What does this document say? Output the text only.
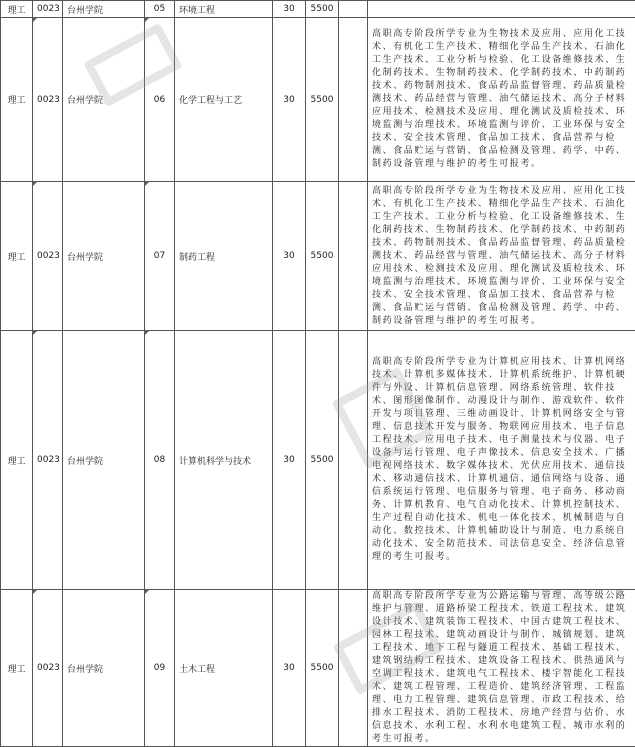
理工	0023	台州学院	05	环境工程	30	5500		
理工	0023	台州学院	06	化学工程与工艺	30	5500		高职高专阶段所学专业为生物技术及应用、应用化工技术、有机化工生产技术、精细化学品生产技术、石油化工生产技术、工业分析与检验、化工设备维修技术、生化制药技术、生物制药技术、化学制药技术、中药制药技术、药物制剂技术、食品药品监督管理、药品质量检测技术、药品经营与管理、油气储运技术、高分子材料应用技术、检测技术及应用、理化测试及质检技术、环境监测与治理技术、环境监测与评价、工业环保与安全技术、安全技术管理、食品加工技术、食品营养与检测、食品贮运与营销、食品检测及管理、药学、中药、制药设备管理与维护的考生可报考。
理工	0023	台州学院	07	制药工程	30	5500		高职高专阶段所学专业为生物技术及应用、应用化工技术、有机化工生产技术、精细化学品生产技术、石油化工生产技术、工业分析与检验、化工设备维修技术、生化制药技术、生物制药技术、化学制药技术、中药制药技术、药物制剂技术、食品药品监督管理、药品质量检测技术、药品经营与管理、油气储运技术、高分子材料应用技术、检测技术及应用、理化测试及质检技术、环境监测与治理技术、环境监测与评价、工业环保与安全技术、安全技术管理、食品加工技术、食品营养与检测、食品贮运与营销、食品检测及管理、药学、中药、制药设备管理与维护的考生可报考。
理工	0023	台州学院	08	计算机科学与技术	30	5500		高职高专阶段所学专业为计算机应用技术、计算机网络技术、计算机多媒体技术、计算机系统维护、计算机硬件与外设、计算机信息管理、网络系统管理、软件技术、图形图像制作、动漫设计与制作、游戏软件、软件开发与项目管理、三维动画设计、计算机网络安全与管理、信息技术开发与服务、物联网应用技术、电子信息工程技术、应用电子技术、电子测量技术与仪器、电子设备与运行管理、电子声像技术、信息安全技术、广播电视网络技术、数字媒体技术、光伏应用技术、通信技术、移动通信技术、计算机通信、通信网络与设备、通信系统运行管理、电信服务与管理、电子商务、移动商务、计算机教育、电气自动化技术、计算机控制技术、生产过程自动化技术、机电一体化技术、机械制造与自动化、数控技术、计算机辅助设计与制造、电力系统自动化技术、安全防范技术、司法信息安全、经济信息管理的考生可报考。
理工	0023	台州学院	09	土木工程	30	5500		高职高专阶段所学专业为公路运输与管理、高等级公路维护与管理、道路桥梁工程技术、铁道工程技术、建筑设计技术、建筑装饰工程技术、中国古建筑工程技术、园林工程技术、建筑动画设计与制作、城镇规划、建筑工程技术、地下工程与隧道工程技术、基础工程技术、建筑钢结构工程技术、建筑设备工程技术、供热通风与空调工程技术、建筑电气工程技术、楼宇智能化工程技术、建筑工程管理、工程造价、建筑经济管理、工程监理、电力工程管理、建筑信息管理、市政工程技术、给排水工程技术、消防工程技术、房地产经营与估价、水信息技术、水利工程、水利水电建筑工程、城市水利的考生可报考。
